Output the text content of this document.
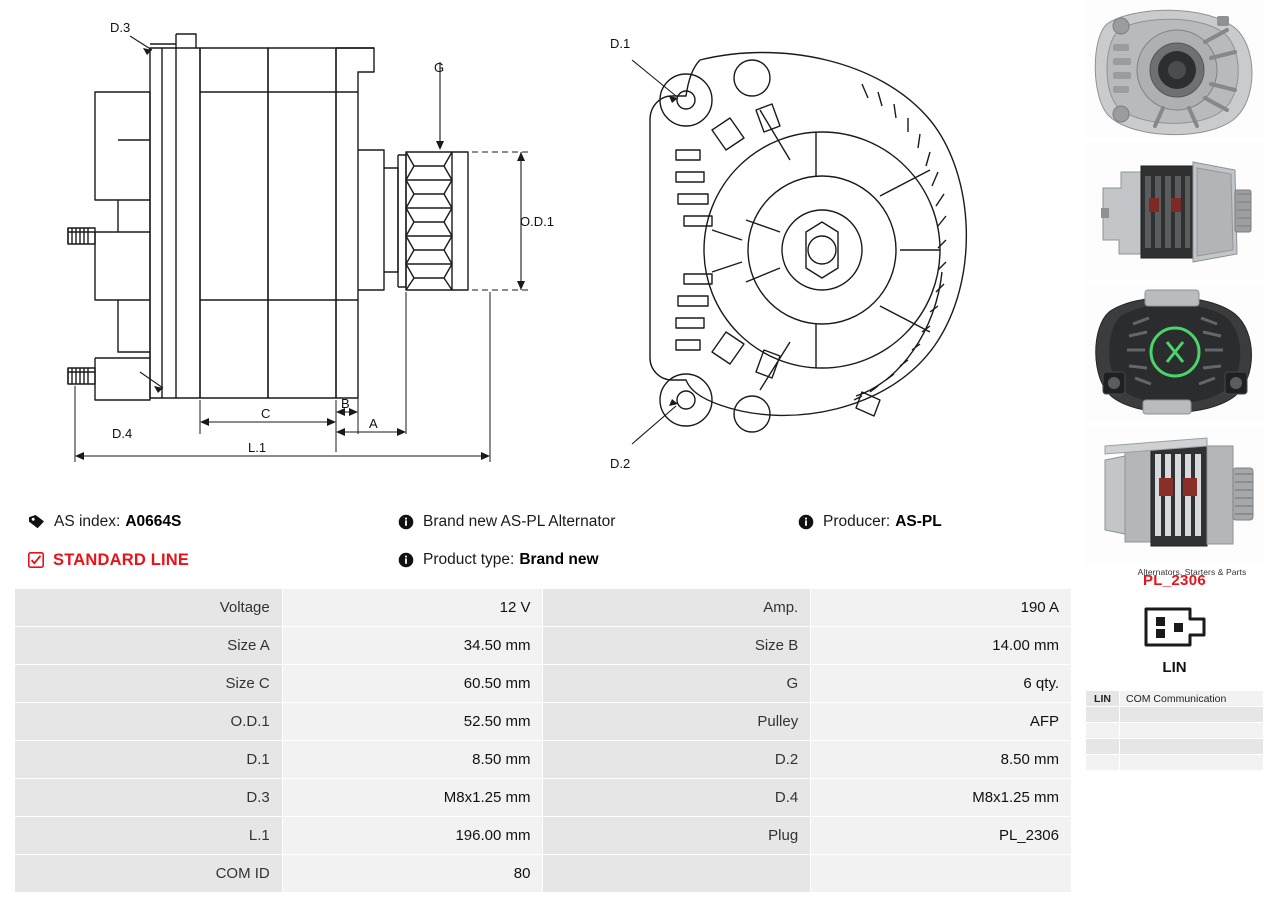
D.3
D.4
G
O.D.1
C
B
A
L.1
D.1
D.2
AS index: A0664S	Brand new AS-PL Alternator	Producer: AS-PL
STANDARD LINE	Product type: Brand new
Alternators, Starters & Parts
Voltage	12 V	Amp.	190 A
Size A	34.50 mm	Size B	14.00 mm
Size C	60.50 mm	G	6 qty.
O.D.1	52.50 mm	Pulley	AFP
D.1	8.50 mm	D.2	8.50 mm
D.3	M8x1.25 mm	D.4	M8x1.25 mm
L.1	196.00 mm	Plug	PL_2306
COM ID	80		
PL_2306
LIN
LIN	COM Communication
